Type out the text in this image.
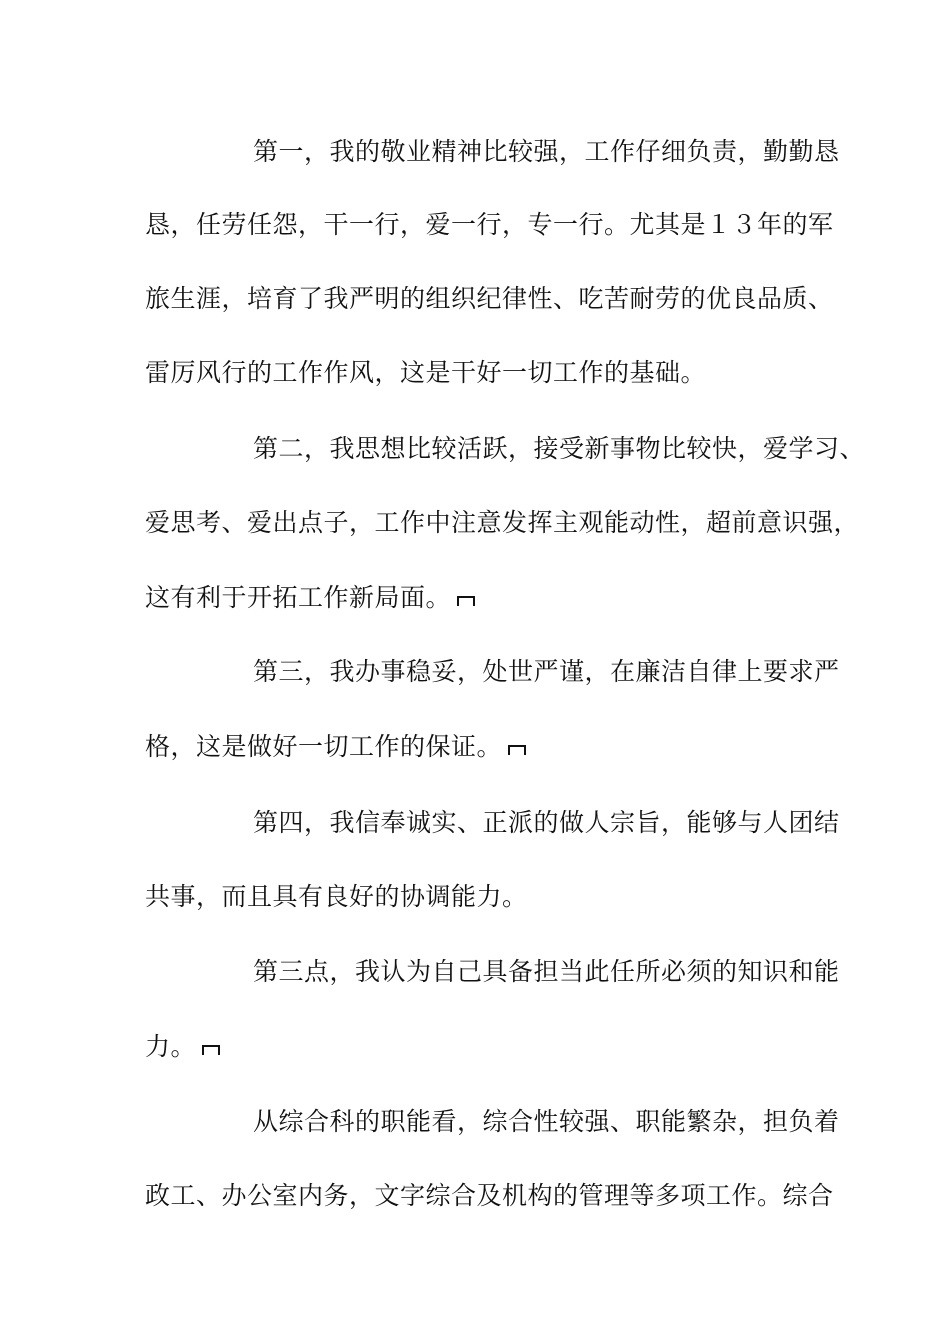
第一，我的敬业精神比较强，工作仔细负责，勤勤恳
恳，任劳任怨，干一行，爱一行，专一行。尤其是１３年的军
旅生涯，培育了我严明的组织纪律性、吃苦耐劳的优良品质、
雷厉风行的工作作风，这是干好一切工作的基础。
第二，我思想比较活跃，接受新事物比较快，爱学习、
爱思考、爱出点子，工作中注意发挥主观能动性，超前意识强，
这有利于开拓工作新局面。
第三，我办事稳妥，处世严谨，在廉洁自律上要求严
格，这是做好一切工作的保证。
第四，我信奉诚实、正派的做人宗旨，能够与人团结
共事，而且具有良好的协调能力。
第三点，我认为自己具备担当此任所必须的知识和能
力。
从综合科的职能看，综合性较强、职能繁杂，担负着
政工、办公室内务，文字综合及机构的管理等多项工作。综合
